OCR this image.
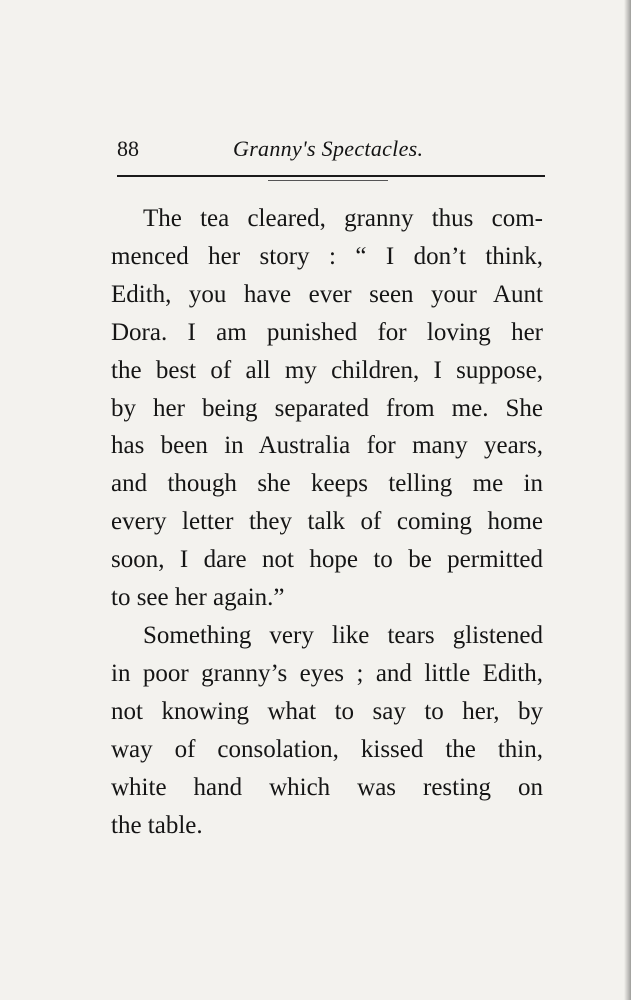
88	Granny's Spectacles.
The tea cleared, granny thus com-
menced her story : “ I don’t think,
Edith, you have ever seen your Aunt
Dora. I am punished for loving her
the best of all my children, I suppose,
by her being separated from me. She
has been in Australia for many years,
and though she keeps telling me in
every letter they talk of coming home
soon, I dare not hope to be permitted
to see her again.”
Something very like tears glistened
in poor granny’s eyes ; and little Edith,
not knowing what to say to her, by
way of consolation, kissed the thin,
white hand which was resting on
the table.
